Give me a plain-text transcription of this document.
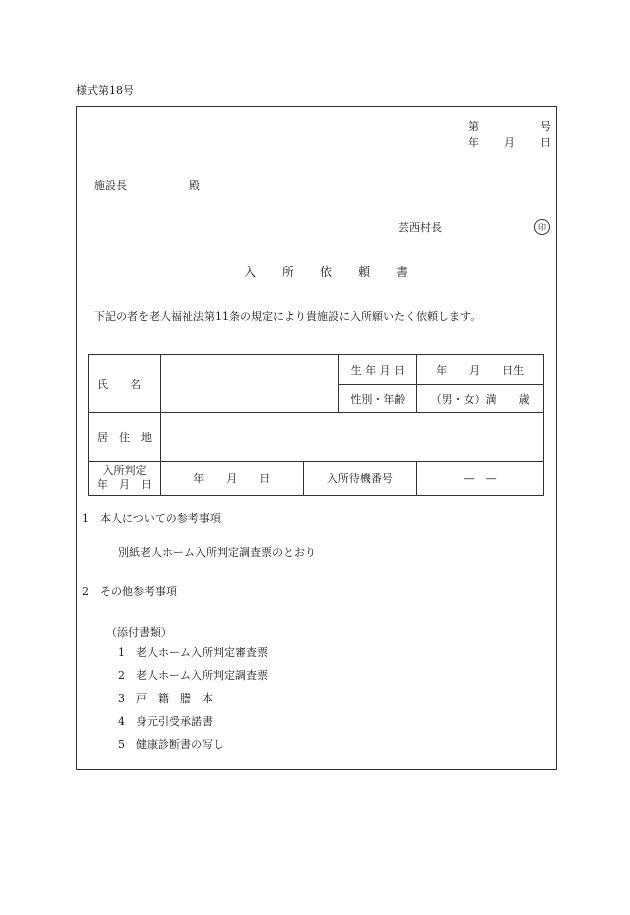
様式第18号
第	号
年 月 日
施設長	殿
芸西村長	印
入所依頼書
下記の者を老人福祉法第11条の規定により貴施設に入所願いたく依頼します。
氏　　名			生 年 月 日	年　　月　　日生
			性別・年齢	（男・女）満　　歳
居　住　地				

入所判定
年　月　日	年　　月　　日	入所待機番号		—　—
1　本人についての参考事項
別紙老人ホーム入所判定調査票のとおり
2　その他参考事項
（添付書類）
1　老人ホーム入所判定審査票
2　老人ホーム入所判定調査票
3　戸　籍　謄　本
4　身元引受承諾書
5　健康診断書の写し
